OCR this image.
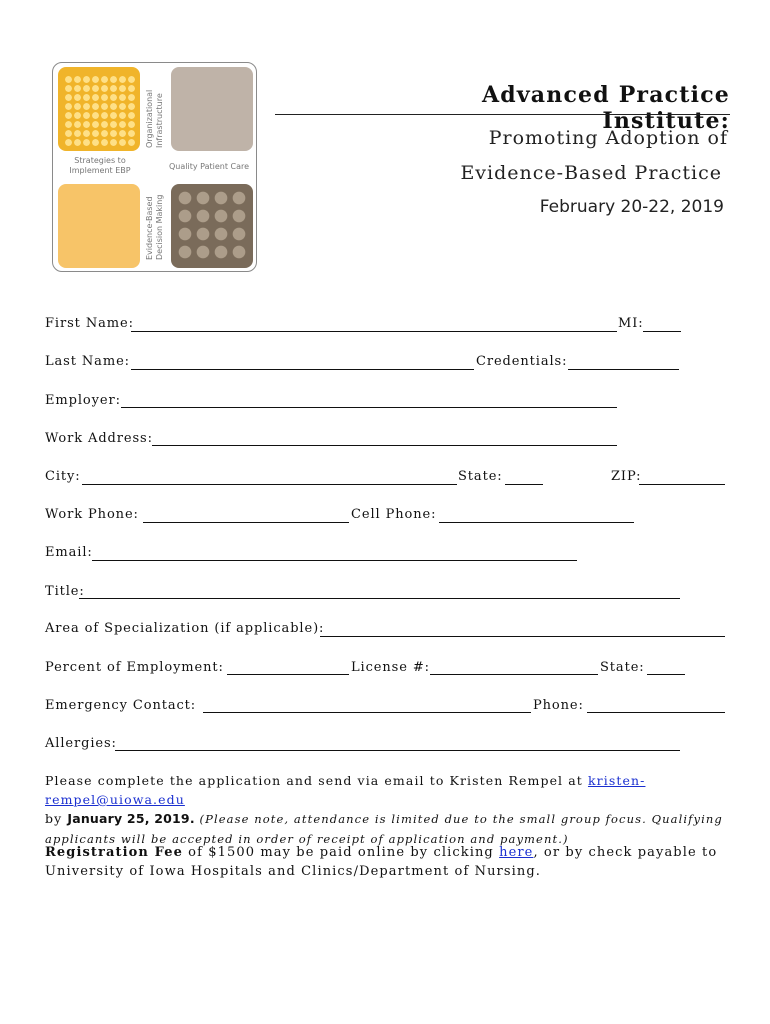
Organizational Infrastructure
Strategies to
Implement EBP	Quality Patient Care
Evidence-Based Decision Making
Advanced Practice Institute:
Promoting Adoption of
Evidence-Based Practice
February 20-22, 2019
First Name:	MI:
Last Name:	Credentials:
Employer:
Work Address:
City:	State:	ZIP:
Work Phone:	Cell Phone:
Email:
Title:
Area of Specialization (if applicable):
Percent of Employment:	License #:	State:
Emergency Contact:	Phone:
Allergies:
Please complete the application and send via email to Kristen Rempel at kristen-rempel@uiowa.edu
by January 25, 2019. (Please note, attendance is limited due to the small group focus. Qualifying applicants will be accepted in order of receipt of application and payment.)
Registration Fee of $1500 may be paid online by clicking here, or by check payable to University of Iowa Hospitals and Clinics/Department of Nursing.
